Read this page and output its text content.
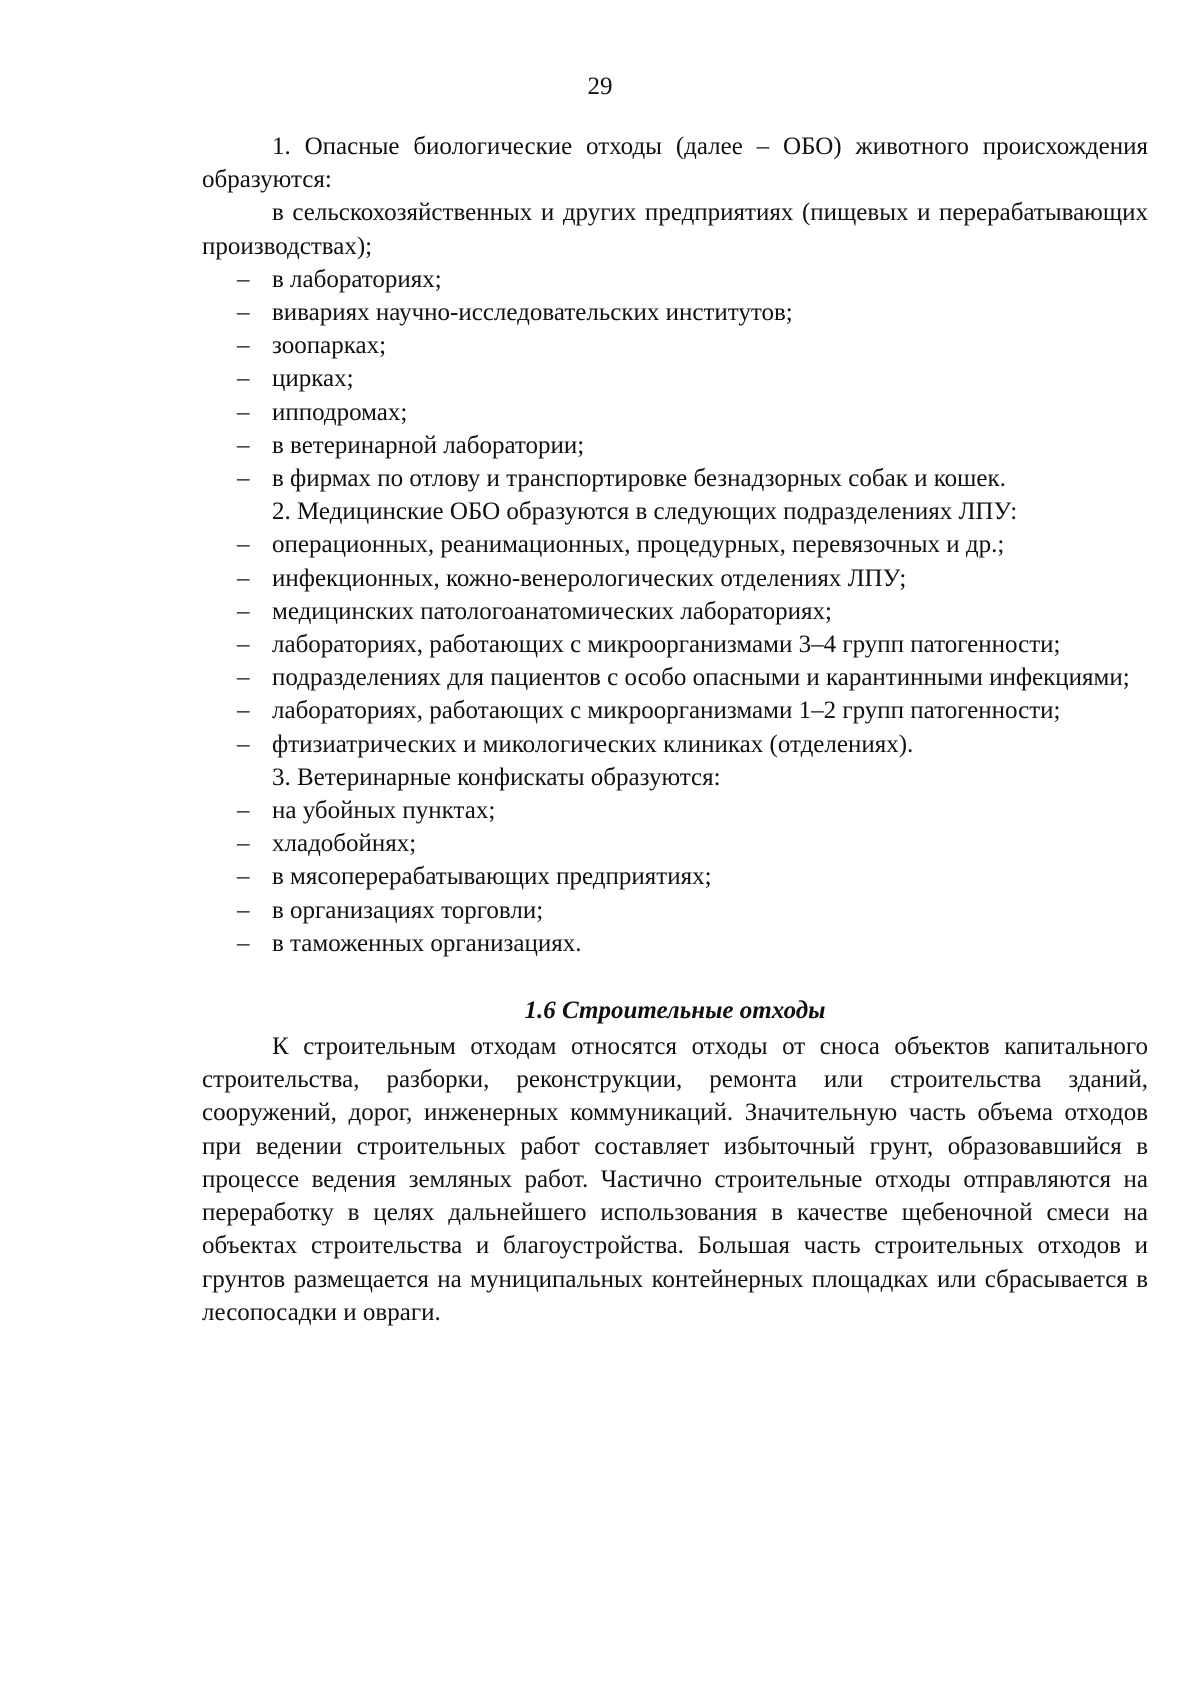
29

1. Опасные биологические отходы (далее – ОБО) животного происхождения образуются:

в сельскохозяйственных и других предприятиях (пищевых и перерабатывающих производствах);

– в лабораториях;
– вивариях научно-исследовательских институтов;
– зоопарках;
– цирках;
– ипподромах;
– в ветеринарной лаборатории;
– в фирмах по отлову и транспортировке безнадзорных собак и кошек.

2. Медицинские ОБО образуются в следующих подразделениях ЛПУ:

– операционных, реанимационных, процедурных, перевязочных и др.;
– инфекционных, кожно-венерологических отделениях ЛПУ;
– медицинских патологоанатомических лабораториях;
– лабораториях, работающих с микроорганизмами 3–4 групп патогенности;
– подразделениях для пациентов с особо опасными и карантинными инфекциями;
– лабораториях, работающих с микроорганизмами 1–2 групп патогенности;
– фтизиатрических и микологических клиниках (отделениях).

3. Ветеринарные конфискаты образуются:

– на убойных пунктах;
– хладобойнях;
– в мясоперерабатывающих предприятиях;
– в организациях торговли;
– в таможенных организациях.
1.6 Строительные отходы

К строительным отходам относятся отходы от сноса объектов капитального строительства, разборки, реконструкции, ремонта или строительства зданий, сооружений, дорог, инженерных коммуникаций. Значительную часть объема отходов при ведении строительных работ составляет избыточный грунт, образовавшийся в процессе ведения земляных работ. Частично строительные отходы отправляются на переработку в целях дальнейшего использования в качестве щебеночной смеси на объектах строительства и благоустройства. Большая часть строительных отходов и грунтов размещается на муниципальных контейнерных площадках или сбрасывается в лесопосадки и овраги.
